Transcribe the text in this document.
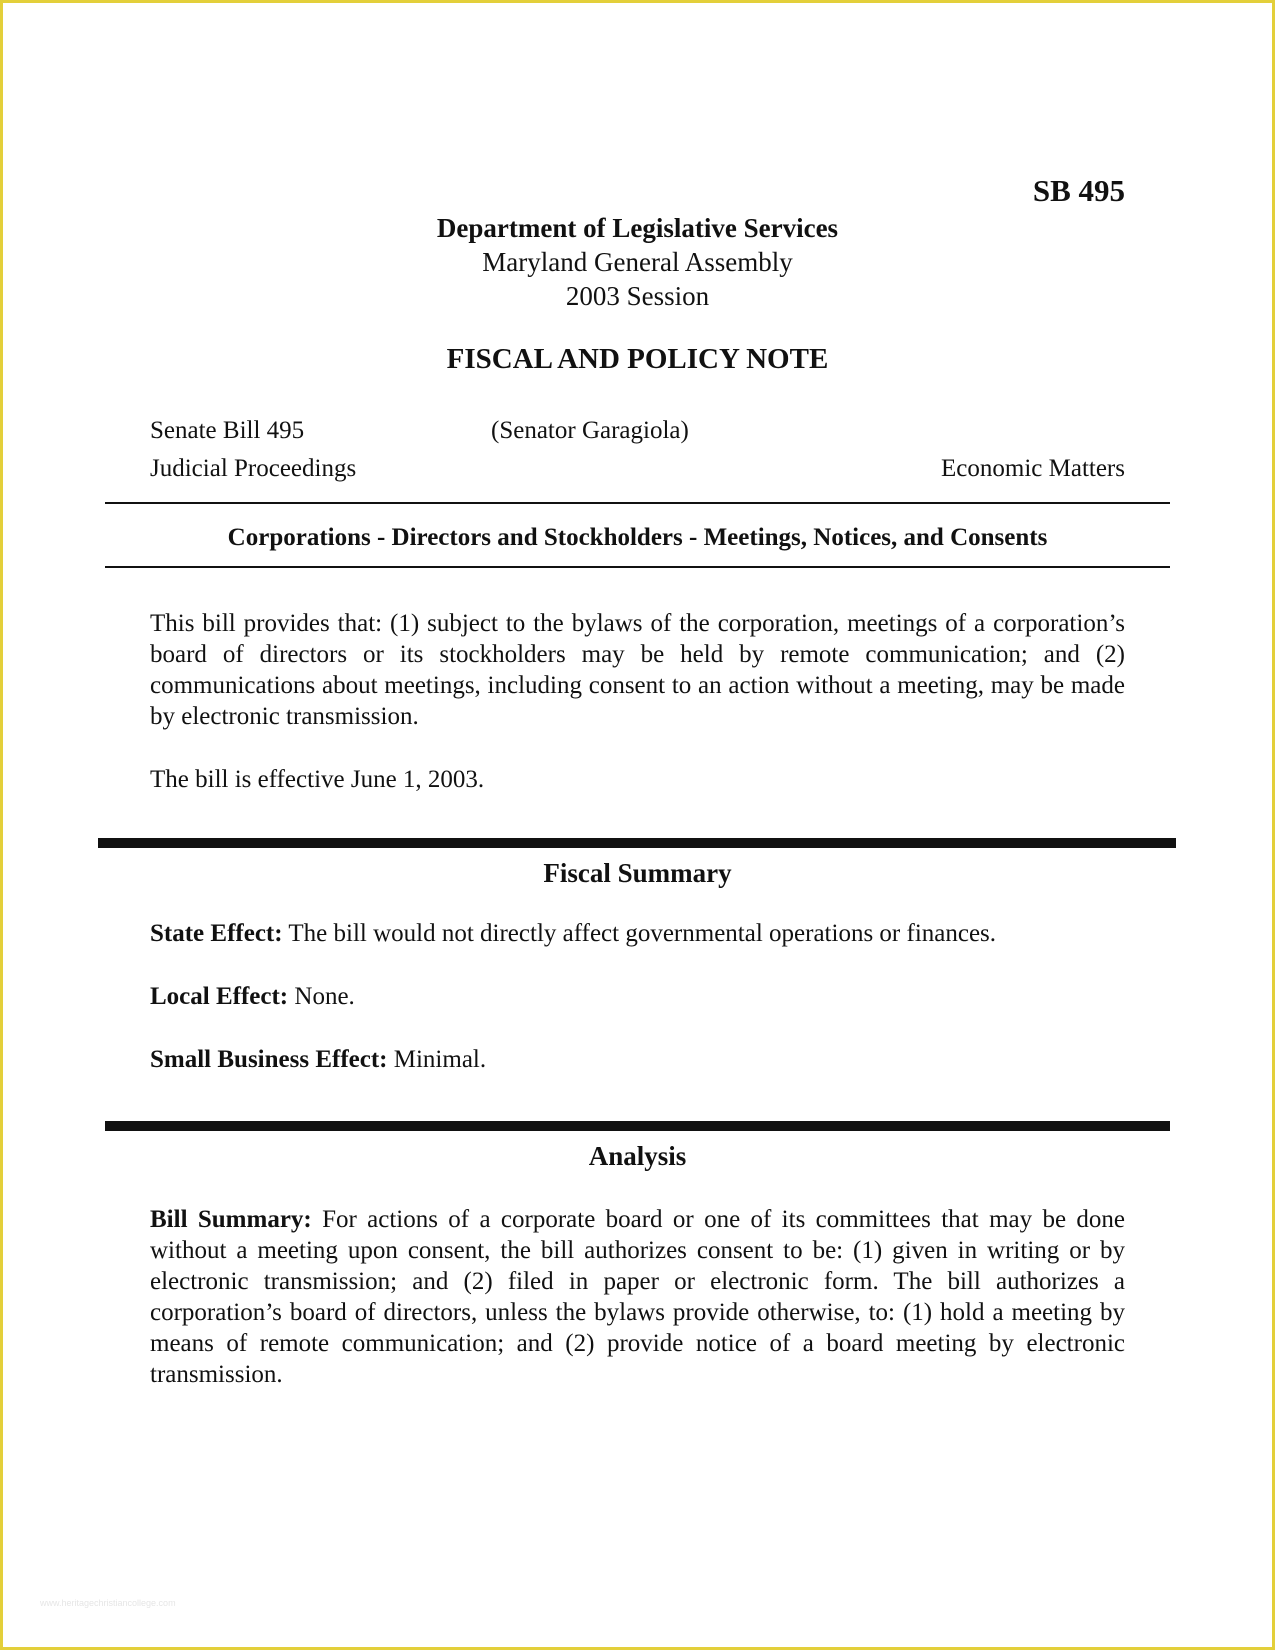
SB 495
Department of Legislative Services
Maryland General Assembly
2003 Session
FISCAL AND POLICY NOTE
Senate Bill 495	(Senator Garagiola)
Judicial Proceedings	Economic Matters
Corporations - Directors and Stockholders - Meetings, Notices, and Consents
This bill provides that: (1) subject to the bylaws of the corporation, meetings of a corporation’s board of directors or its stockholders may be held by remote communication; and (2) communications about meetings, including consent to an action without a meeting, may be made by electronic transmission.
The bill is effective June 1, 2003.
Fiscal Summary
State Effect: The bill would not directly affect governmental operations or finances.
Local Effect: None.
Small Business Effect: Minimal.
Analysis
Bill Summary: For actions of a corporate board or one of its committees that may be done without a meeting upon consent, the bill authorizes consent to be: (1) given in writing or by electronic transmission; and (2) filed in paper or electronic form. The bill authorizes a corporation’s board of directors, unless the bylaws provide otherwise, to: (1) hold a meeting by means of remote communication; and (2) provide notice of a board meeting by electronic transmission.
www.heritagechristiancollege.com
